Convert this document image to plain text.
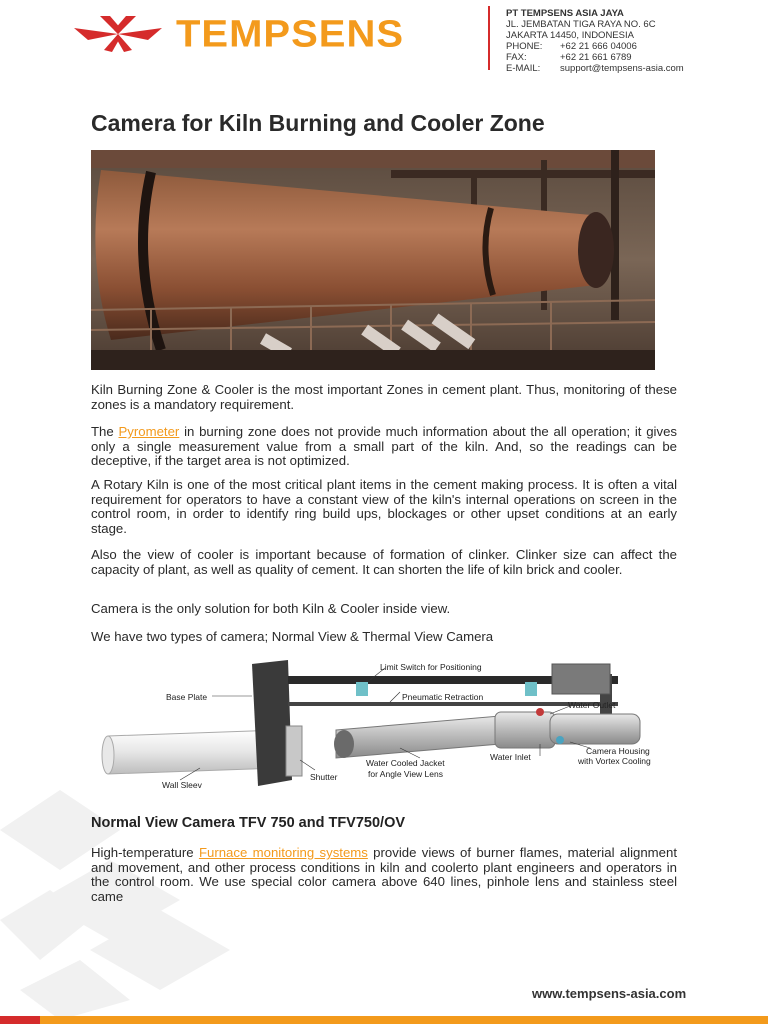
TEMPSENS	PT TEMPSENS ASIA JAYA
JL. JEMBATAN TIGA RAYA NO. 6C
JAKARTA 14450, INDONESIA
PHONE:	+62 21 666 04006
FAX:	+62 21 661 6789
E-MAIL:	support@tempsens-asia.com
Camera for Kiln Burning and Cooler Zone

Kiln Burning Zone & Cooler is the most important Zones in cement plant. Thus, monitoring of these zones is a mandatory requirement.

The Pyrometer in burning zone does not provide much information about the all operation; it gives only a single measurement value from a small part of the kiln. And, so the readings can be deceptive, if the target area is not optimized.

A Rotary Kiln is one of the most critical plant items in the cement making process. It is often a vital requirement for operators to have a constant view of the kiln's internal operations on screen in the control room, in order to identify ring build ups, blockages or other upset conditions at an early stage.

Also the view of cooler is important because of formation of clinker. Clinker size can affect the capacity of plant, as well as quality of cement. It can shorten the life of kiln brick and cooler.

Camera is the only solution for both Kiln & Cooler inside view.

We have two types of camera; Normal View & Thermal View Camera

Limit Switch for Positioning
Base Plate	Pneumatic Retraction
Water Outlet
Camera Housing
with Vortex Cooling
Water Inlet
Water Cooled Jacket
for Angle View Lens
Shutter
Wall Sleev
Normal View Camera TFV 750 and TFV750/OV

High-temperature Furnace monitoring systems provide views of burner flames, material alignment and movement, and other process conditions in kiln and coolerto plant engineers and operators in the control room. We use special color camera above 640 lines, pinhole lens and stainless steel came

www.tempsens-asia.com
